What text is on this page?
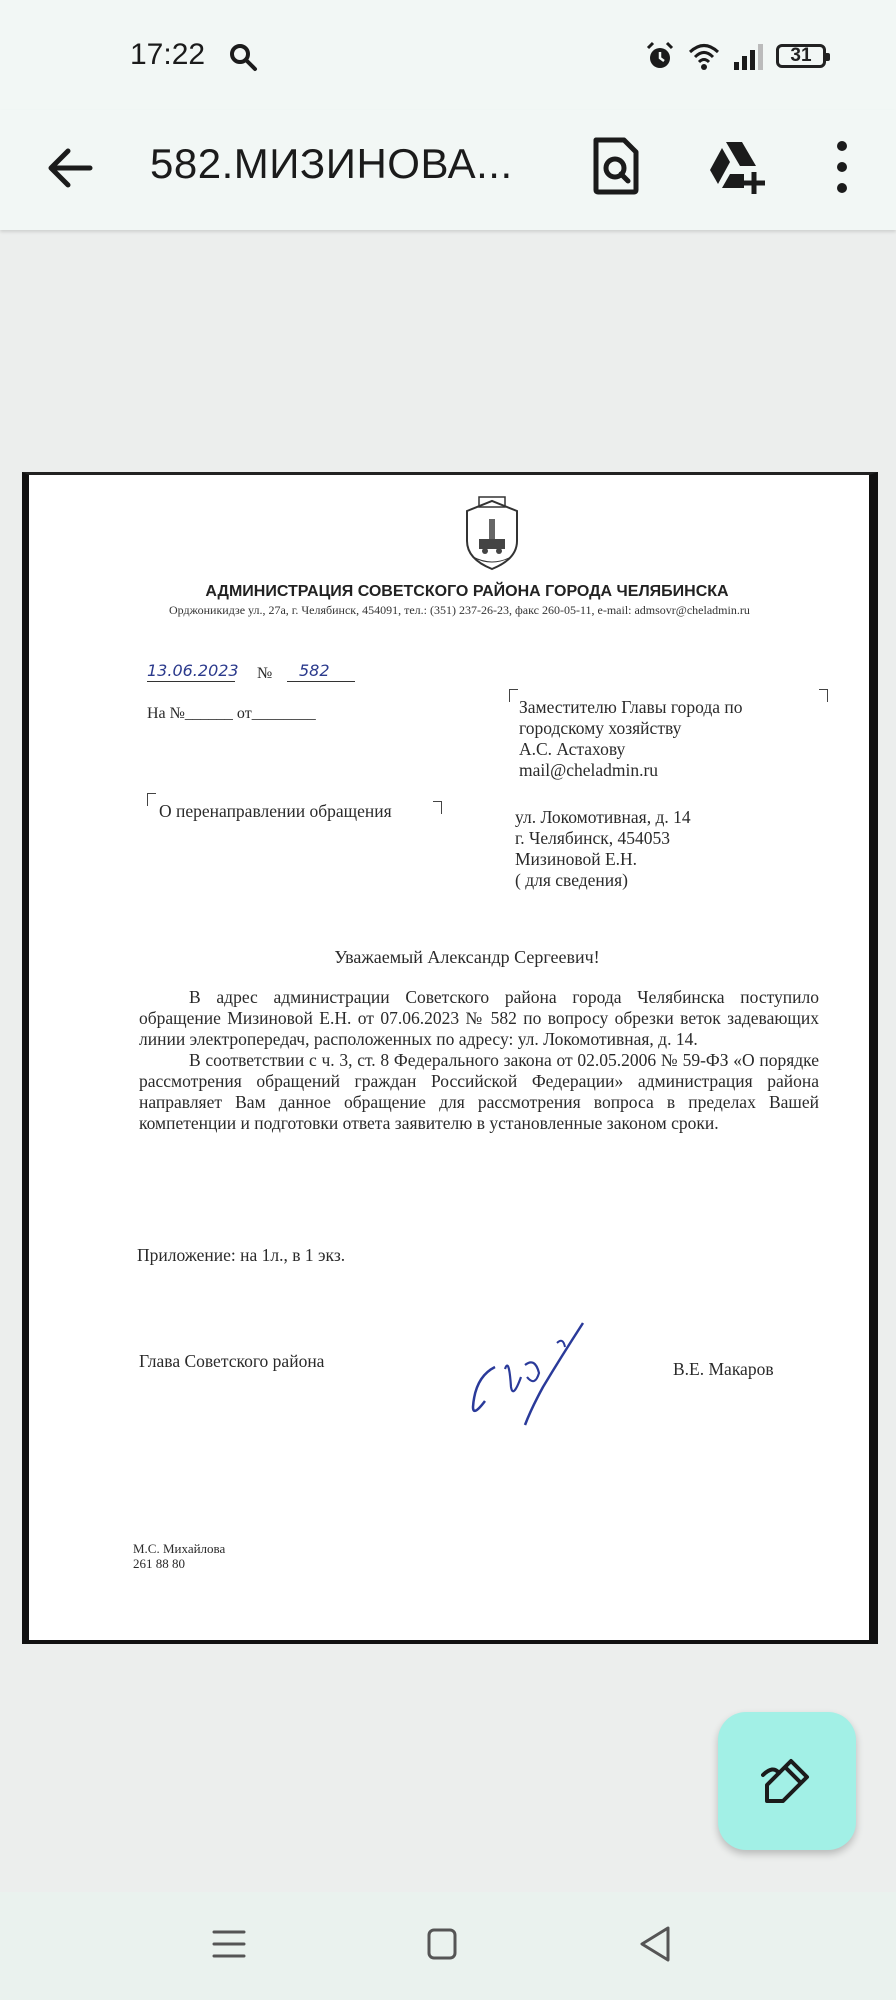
17:22	31
582.МИЗИНОВА...
АДМИНИСТРАЦИЯ СОВЕТСКОГО РАЙОНА ГОРОДА ЧЕЛЯБИНСКА
Орджоникидзе ул., 27а, г. Челябинск, 454091, тел.: (351) 237-26-23, факс 260-05-11, e-mail: admsovr@cheladmin.ru
13.06.2023 № 582
На №______ от________	Заместителю Главы города по
городскому хозяйству
А.С. Астахову
mail@cheladmin.ru
О перенаправлении обращения	ул. Локомотивная, д. 14
г. Челябинск, 454053
Мизиновой Е.Н.
( для сведения)
Уважаемый Александр Сергеевич!

В адрес администрации Советского района города Челябинска поступило обращение Мизиновой Е.Н. от 07.06.2023 № 582 по вопросу обрезки веток задевающих линии электропередач, расположенных по адресу: ул. Локомотивная, д. 14.

В соответствии с ч. 3, ст. 8 Федерального закона от 02.05.2006 № 59-ФЗ «О порядке рассмотрения обращений граждан Российской Федерации» администрация района направляет Вам данное обращение для рассмотрения вопроса в пределах Вашей компетенции и подготовки ответа заявителю в установленные законом сроки.

Приложение: на 1л., в 1 экз.
Глава Советского района	В.Е. Макаров
М.С. Михайлова
261 88 80
